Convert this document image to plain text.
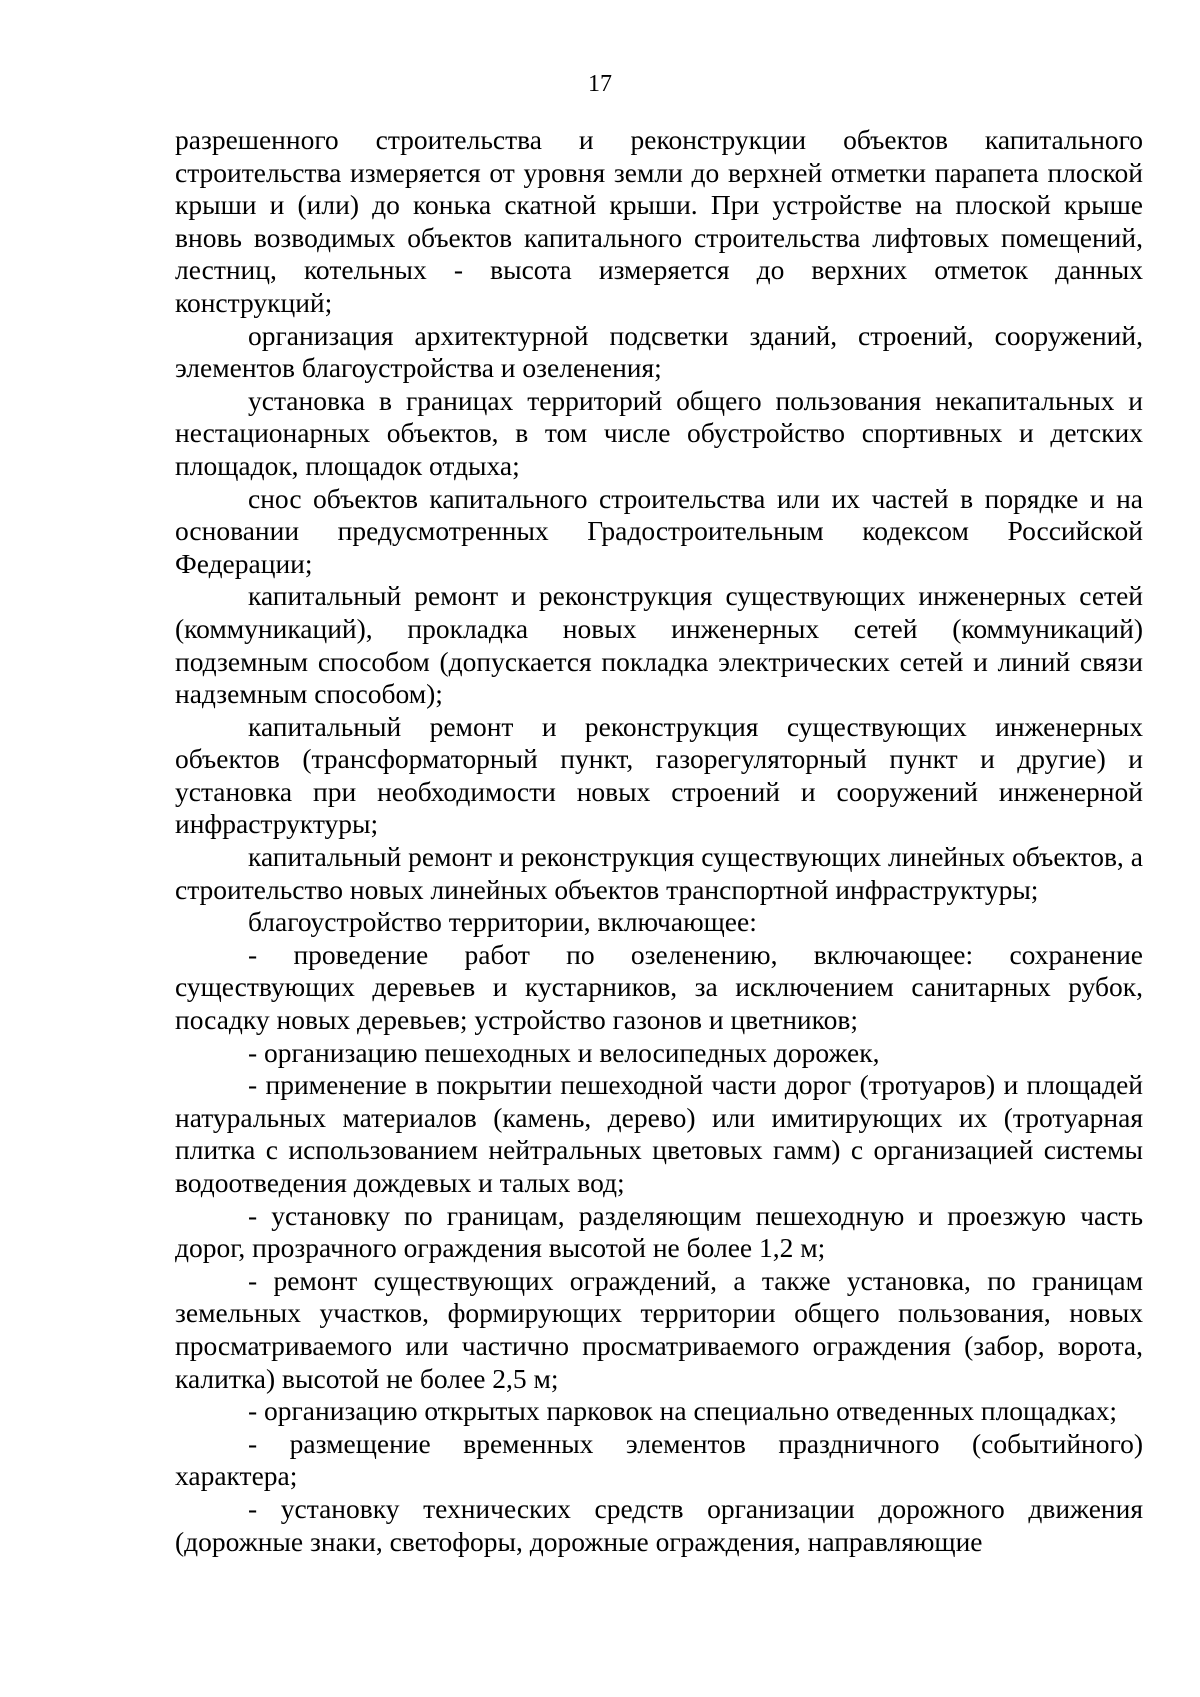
17

разрешенного строительства и реконструкции объектов капитального строительства измеряется от уровня земли до верхней отметки парапета плоской крыши и (или) до конька скатной крыши. При устройстве на плоской крыше вновь возводимых объектов капитального строительства лифтовых помещений, лестниц, котельных - высота измеряется до верхних отметок данных конструкций;

организация архитектурной подсветки зданий, строений, сооружений, элементов благоустройства и озеленения;

установка в границах территорий общего пользования некапитальных и нестационарных объектов, в том числе обустройство спортивных и детских площадок, площадок отдыха;

снос объектов капитального строительства или их частей в порядке и на основании предусмотренных Градостроительным кодексом Российской Федерации;

капитальный ремонт и реконструкция существующих инженерных сетей (коммуникаций), прокладка новых инженерных сетей (коммуникаций) подземным способом (допускается покладка электрических сетей и линий связи надземным способом);

капитальный ремонт и реконструкция существующих инженерных объектов (трансформаторный пункт, газорегуляторный пункт и другие) и установка при необходимости новых строений и сооружений инженерной инфраструктуры;

капитальный ремонт и реконструкция существующих линейных объектов, а строительство новых линейных объектов транспортной инфраструктуры;

благоустройство территории, включающее:

- проведение работ по озеленению, включающее: сохранение существующих деревьев и кустарников, за исключением санитарных рубок, посадку новых деревьев; устройство газонов и цветников;

- организацию пешеходных и велосипедных дорожек,

- применение в покрытии пешеходной части дорог (тротуаров) и площадей натуральных материалов (камень, дерево) или имитирующих их (тротуарная плитка с использованием нейтральных цветовых гамм) с организацией системы водоотведения дождевых и талых вод;

- установку по границам, разделяющим пешеходную и проезжую часть дорог, прозрачного ограждения высотой не более 1,2 м;

- ремонт существующих ограждений, а также установка, по границам земельных участков, формирующих территории общего пользования, новых просматриваемого или частично просматриваемого ограждения (забор, ворота, калитка) высотой не более 2,5 м;

- организацию открытых парковок на специально отведенных площадках;

- размещение временных элементов праздничного (событийного) характера;

- установку технических средств организации дорожного движения (дорожные знаки, светофоры, дорожные ограждения, направляющие
